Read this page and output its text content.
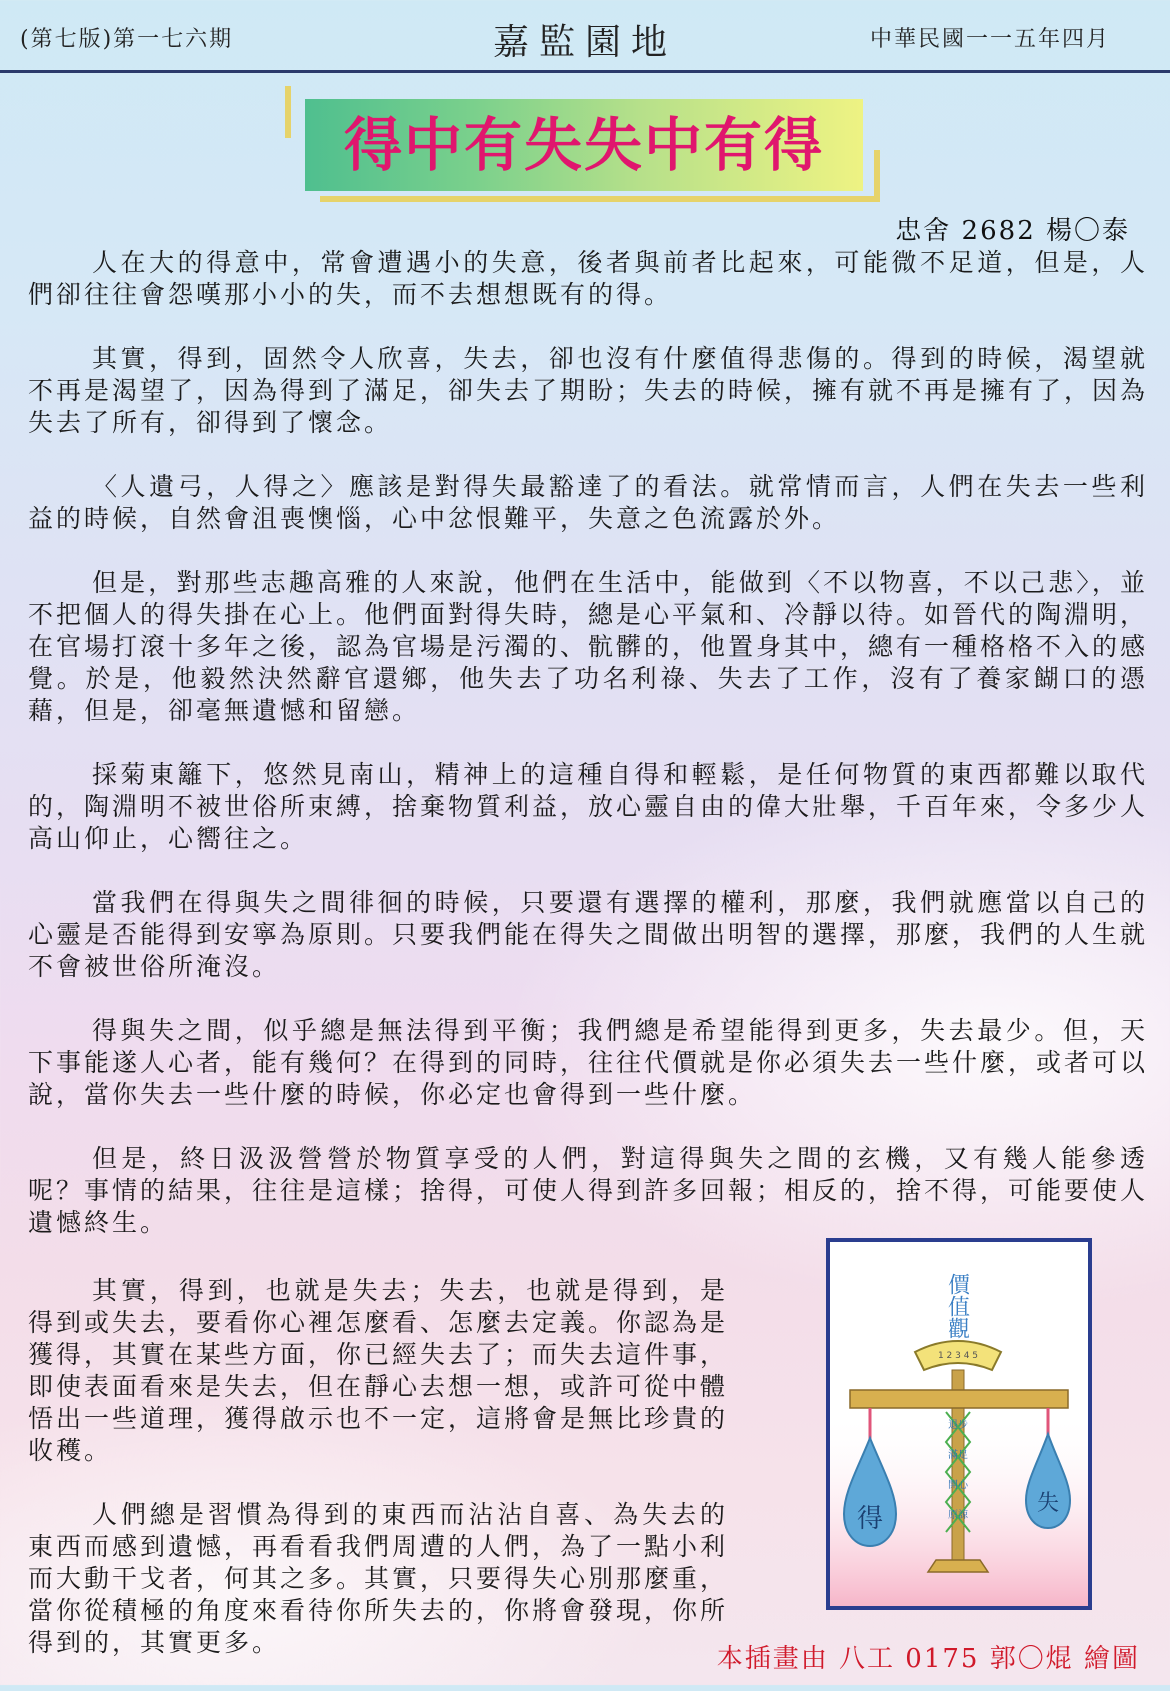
(第七版)第一七六期	嘉監園地	中華民國一一五年四月
得中有失失中有得
忠舍 2682 楊〇泰

人在大的得意中，常會遭遇小的失意，後者與前者比起來，可能微不足道，但是，人們卻往往會怨嘆那小小的失，而不去想想既有的得。

其實，得到，固然令人欣喜，失去，卻也沒有什麼值得悲傷的。得到的時候，渴望就不再是渴望了，因為得到了滿足，卻失去了期盼；失去的時候，擁有就不再是擁有了，因為失去了所有，卻得到了懷念。

〈人遺弓，人得之〉應該是對得失最豁達了的看法。就常情而言，人們在失去一些利益的時候，自然會沮喪懊惱，心中忿恨難平，失意之色流露於外。

但是，對那些志趣高雅的人來說，他們在生活中，能做到〈不以物喜，不以己悲〉，並不把個人的得失掛在心上。他們面對得失時，總是心平氣和、冷靜以待。如晉代的陶淵明，在官場打滾十多年之後，認為官場是污濁的、骯髒的，他置身其中，總有一種格格不入的感覺。於是，他毅然決然辭官還鄉，他失去了功名利祿、失去了工作，沒有了養家餬口的憑藉，但是，卻毫無遺憾和留戀。

採菊東籬下，悠然見南山，精神上的這種自得和輕鬆，是任何物質的東西都難以取代的，陶淵明不被世俗所束縛，捨棄物質利益，放心靈自由的偉大壯舉，千百年來，令多少人高山仰止，心嚮往之。

當我們在得與失之間徘徊的時候，只要還有選擇的權利，那麼，我們就應當以自己的心靈是否能得到安寧為原則。只要我們能在得失之間做出明智的選擇，那麼，我們的人生就不會被世俗所淹沒。

得與失之間，似乎總是無法得到平衡；我們總是希望能得到更多，失去最少。但，天下事能遂人心者，能有幾何？在得到的同時，往往代價就是你必須失去一些什麼，或者可以說，當你失去一些什麼的時候，你必定也會得到一些什麼。

但是，終日汲汲營營於物質享受的人們，對這得與失之間的玄機，又有幾人能參透呢？事情的結果，往往是這樣；捨得，可使人得到許多回報；相反的，捨不得，可能要使人遺憾終生。

其實，得到，也就是失去；失去，也就是得到，是得到或失去，要看你心裡怎麼看、怎麼去定義。你認為是獲得，其實在某些方面，你已經失去了；而失去這件事，即使表面看來是失去，但在靜心去想一想，或許可從中體悟出一些道理，獲得啟示也不一定，這將會是無比珍貴的收穫。

人們總是習慣為得到的東西而沾沾自喜、為失去的東西而感到遺憾，再看看我們周遭的人們，為了一點小利而大動干戈者，何其之多。其實，只要得失心別那麼重，當你從積極的角度來看待你所失去的，你將會發現，你所得到的，其實更多。

價值觀
1 2 3 4 5
退步
滿足
開心
原諒
得
失
本插畫由 八工 0175 郭〇焜 繪圖
